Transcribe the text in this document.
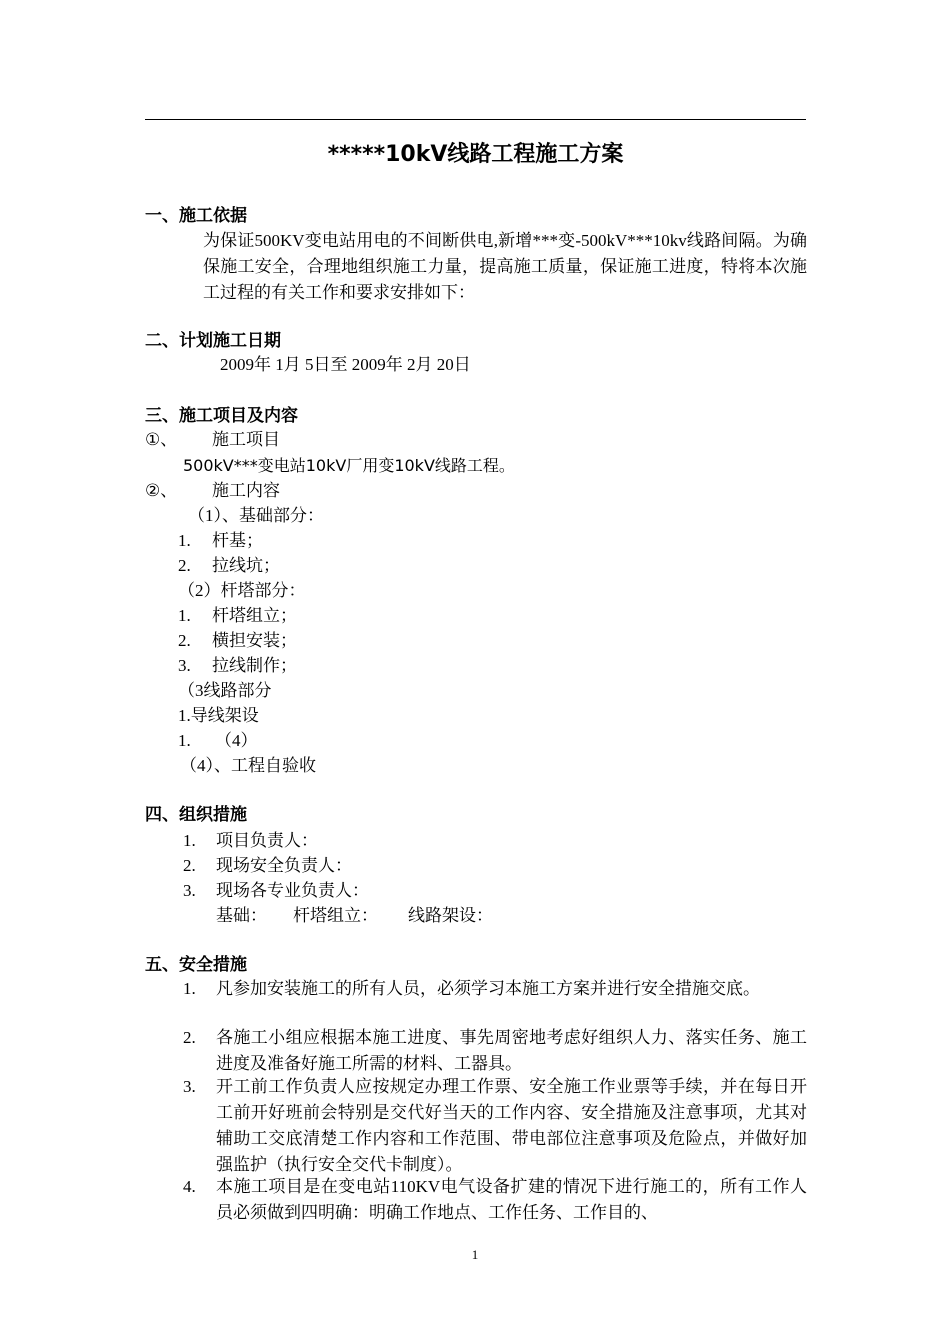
*****10kV线路工程施工方案
一、施工依据
为保证500KV变电站用电的不间断供电,新增***变-500kV***10kv线路间隔。为确保施工安全，合理地组织施工力量，提高施工质量，保证施工进度，特将本次施工过程的有关工作和要求安排如下：
二、计划施工日期
2009年 1月 5日至 2009年 2月 20日
三、施工项目及内容
①、 施工项目
500kV***变电站10kV厂用变10kV线路工程。
②、 施工内容
（1）、基础部分：
1. 杆基；
2. 拉线坑；
（2）杆塔部分：
1. 杆塔组立；
2. 横担安装；
3. 拉线制作；
（3线路部分
1.导线架设
1. （4）
（4）、工程自验收
四、组织措施
1. 项目负责人：
2. 现场安全负责人：
3. 现场各专业负责人：
基础： 杆塔组立： 线路架设：
五、安全措施
1. 凡参加安装施工的所有人员，必须学习本施工方案并进行安全措施交底。
2. 各施工小组应根据本施工进度、事先周密地考虑好组织人力、落实任务、施工进度及准备好施工所需的材料、工器具。
3. 开工前工作负责人应按规定办理工作票、安全施工作业票等手续，并在每日开工前开好班前会特别是交代好当天的工作内容、安全措施及注意事项，尤其对辅助工交底清楚工作内容和工作范围、带电部位注意事项及危险点，并做好加强监护（执行安全交代卡制度）。
4. 本施工项目是在变电站110KV电气设备扩建的情况下进行施工的，所有工作人员必须做到四明确：明确工作地点、工作任务、工作目的、
1
